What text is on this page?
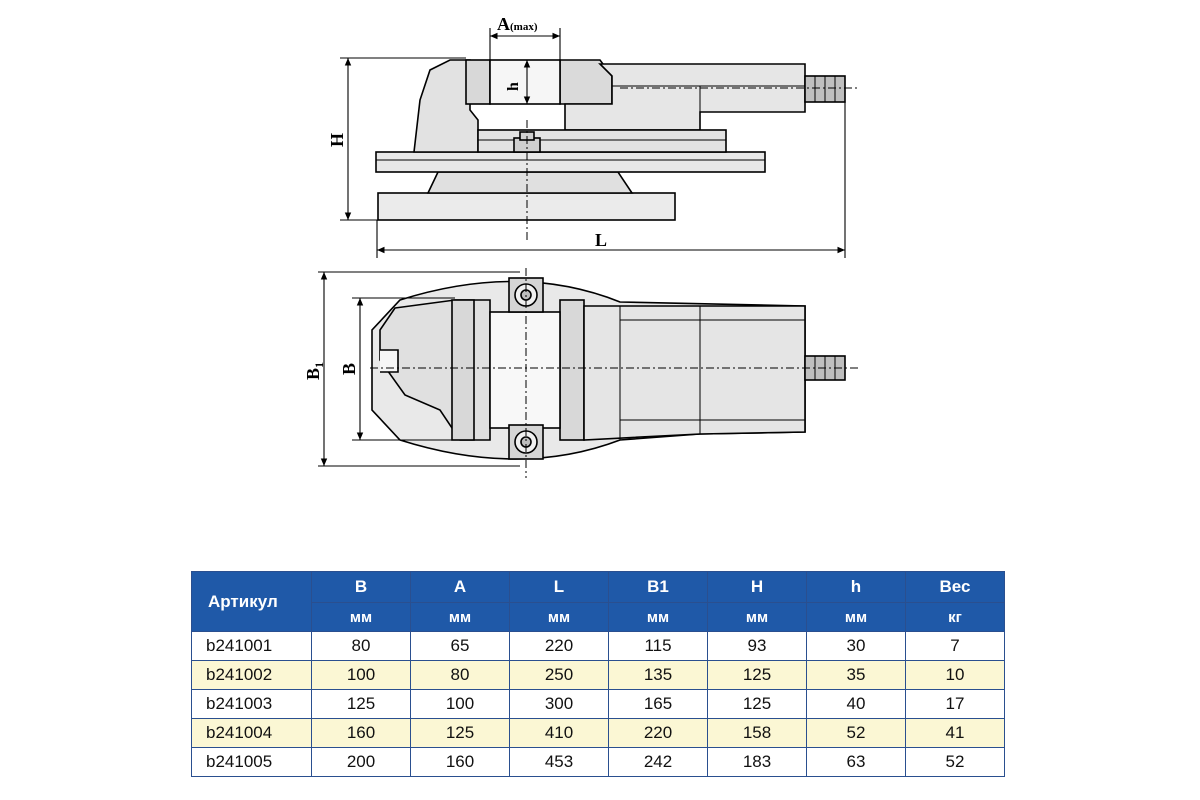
A(max)
h
H
L
$B_1$ B
Артикул	B	A	L	B1	H	h	Вес
	мм	мм	мм	мм	мм	мм	кг
b241001	80	65	220	115	93	30	7
b241002	100	80	250	135	125	35	10
b241003	125	100	300	165	125	40	17
b241004	160	125	410	220	158	52	41
b241005	200	160	453	242	183	63	52
